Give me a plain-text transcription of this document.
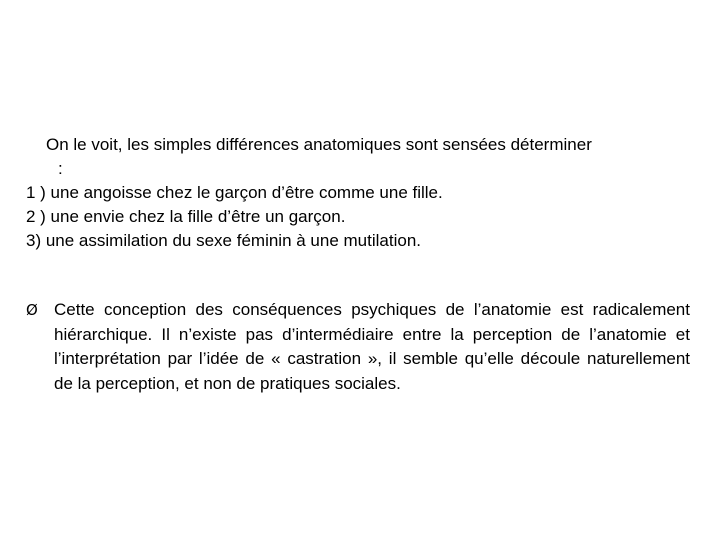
On le voit, les simples différences anatomiques sont sensées déterminer
:
1 ) une angoisse chez le garçon d’être comme une fille.
2 ) une envie chez la fille d’être un garçon.
3) une assimilation du sexe féminin à une mutilation.
Ø Cette conception des conséquences psychiques de l’anatomie est radicalement hiérarchique. Il n’existe pas d’intermédiaire entre la perception de l’anatomie et l’interprétation par l’idée de « castration », il semble qu’elle découle naturellement de la perception, et non de pratiques sociales.
